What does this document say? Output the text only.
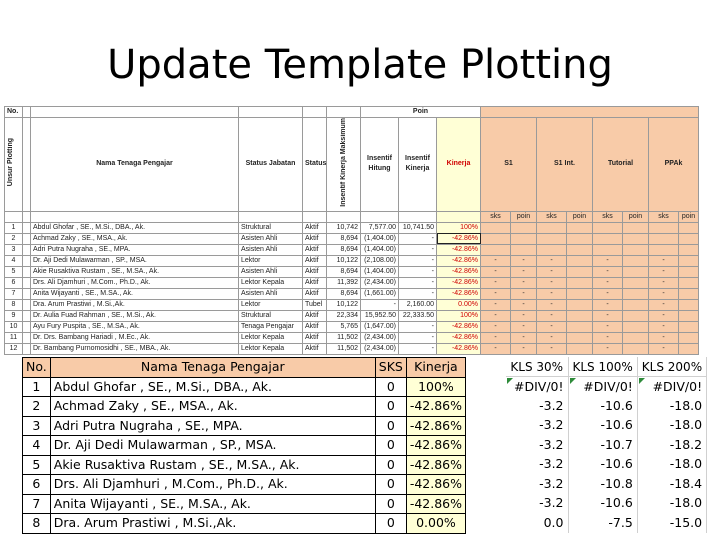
Update Template Plotting
No.						Poin										
Unsur Plotting		Nama Tenaga Pengajar	Status Jabatan	Status	Insentif Kinerja Maksimum	Insentif Hitung	Insentif Kinerja	Kinerja	S1		S1 Int.		Tutorial		PPAk	
									sks	poin	sks	poin	sks	poin	sks	poin
1		Abdul Ghofar , SE., M.Si., DBA., Ak.	Struktural	Aktif	10,742	7,577.00	10,741.50	100%								
2		Achmad Zaky , SE., MSA., Ak.	Asisten Ahli	Aktif	8,694	(1,404.00)	-	-42.86%								
3		Adri Putra Nugraha , SE., MPA.	Asisten Ahli	Aktif	8,694	(1,404.00)	-	-42.86%								
4		Dr. Aji Dedi Mulawarman , SP., MSA.	Lektor	Aktif	10,122	(2,108.00)	-	-42.86%	-	-	-		-		-	
5		Akie Rusaktiva Rustam , SE., M.SA., Ak.	Asisten Ahli	Aktif	8,694	(1,404.00)	-	-42.86%	-	-	-		-		-	
6		Drs. Ali Djamhuri , M.Com., Ph.D., Ak.	Lektor Kepala	Aktif	11,392	(2,434.00)	-	-42.86%	-	-	-		-		-	
7		Anita Wijayanti , SE., M.SA., Ak.	Asisten Ahli	Aktif	8,694	(1,661.00)	-	-42.86%	-	-	-		-		-	
8		Dra. Arum Prastiwi , M.Si.,Ak.	Lektor	Tubel	10,122	-	2,160.00	0.00%	-	-	-		-		-	
9		Dr. Aulia Fuad Rahman , SE., M.Si., Ak.	Struktural	Aktif	22,334	15,952.50	22,333.50	100%	-	-	-		-		-	
10		Ayu Fury Puspita , SE., M.SA., Ak.	Tenaga Pengajar	Aktif	5,765	(1,647.00)	-	-42.86%	-	-	-		-		-	
11		Dr. Drs. Bambang Hariadi , M.Ec., Ak.	Lektor Kepala	Aktif	11,502	(2,434.00)	-	-42.86%	-	-	-		-		-	
12		Dr. Bambang Purnomosidhi , SE., MBA., Ak.	Lektor Kepala	Aktif	11,502	(2,434.00)	-	-42.86%	-	-	-		-		-	
No.	Nama Tenaga Pengajar	SKS	Kinerja
1	Abdul Ghofar , SE., M.Si., DBA., Ak.	0	100%
2	Achmad Zaky , SE., MSA., Ak.	0	-42.86%
3	Adri Putra Nugraha , SE., MPA.	0	-42.86%
4	Dr. Aji Dedi Mulawarman , SP., MSA.	0	-42.86%
5	Akie Rusaktiva Rustam , SE., M.SA., Ak.	0	-42.86%
6	Drs. Ali Djamhuri , M.Com., Ph.D., Ak.	0	-42.86%
7	Anita Wijayanti , SE., M.SA., Ak.	0	-42.86%
8	Dra. Arum Prastiwi , M.Si.,Ak.	0	0.00%
KLS 30%	KLS 100%	KLS 200%
#DIV/0!	#DIV/0!	#DIV/0!
-3.2	-10.6	-18.0
-3.2	-10.6	-18.0
-3.2	-10.7	-18.2
-3.2	-10.6	-18.0
-3.2	-10.8	-18.4
-3.2	-10.6	-18.0
0.0	-7.5	-15.0
